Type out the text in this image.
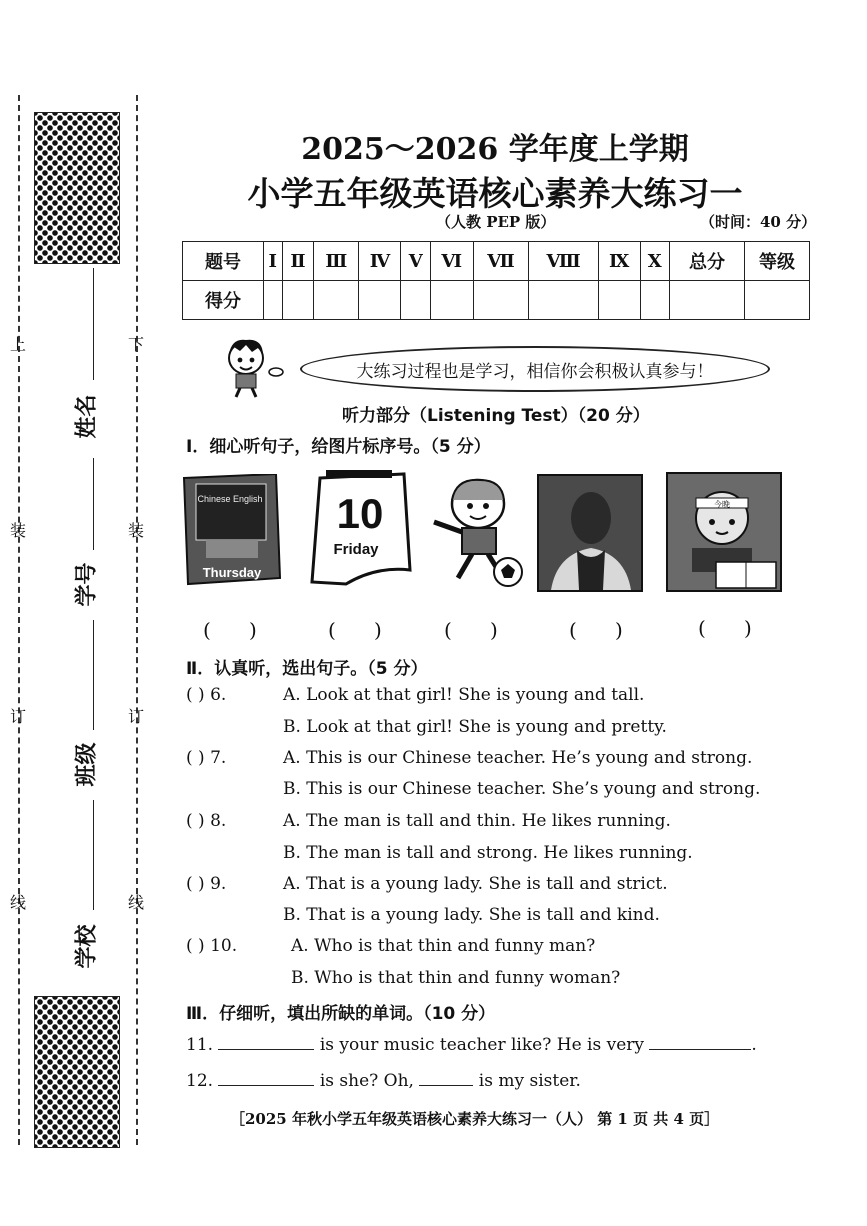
上
装
订
线
下
装
订
线
姓名
学号
班级
学校
2025～2026 学年度上学期
小学五年级英语核心素养大练习一
（人教 PEP 版）	（时间：40 分）
题号	Ⅰ	Ⅱ	Ⅲ	Ⅳ	Ⅴ	Ⅵ	Ⅶ	Ⅷ	Ⅸ	Ⅹ	总分	等级
得分												
大练习过程也是学习，相信你会积极认真参与！
听力部分（Listening Test）（20 分）
Ⅰ．细心听句子，给图片标序号。（5 分）
Chinese English
Thursday
10
Friday
今晚
(      )	(      )	(      )	(      )	(      )
Ⅱ．认真听，选出句子。（5 分）
( ) 6.	A. Look at that girl! She is young and tall.
B. Look at that girl! She is young and pretty.
( ) 7.	A. This is our Chinese teacher. He’s young and strong.
B. This is our Chinese teacher. She’s young and strong.
( ) 8.	A. The man is tall and thin. He likes running.
B. The man is tall and strong. He likes running.
( ) 9.	A. That is a young lady. She is tall and strict.
B. That is a young lady. She is tall and kind.
( ) 10.	A. Who is that thin and funny man?
B. Who is that thin and funny woman?
Ⅲ．仔细听，填出所缺的单词。（10 分）
11.	is your music teacher like? He is very	.
12.	is she? Oh,	is my sister.
［2025 年秋小学五年级英语核心素养大练习一（人） 第 1 页 共 4 页］
